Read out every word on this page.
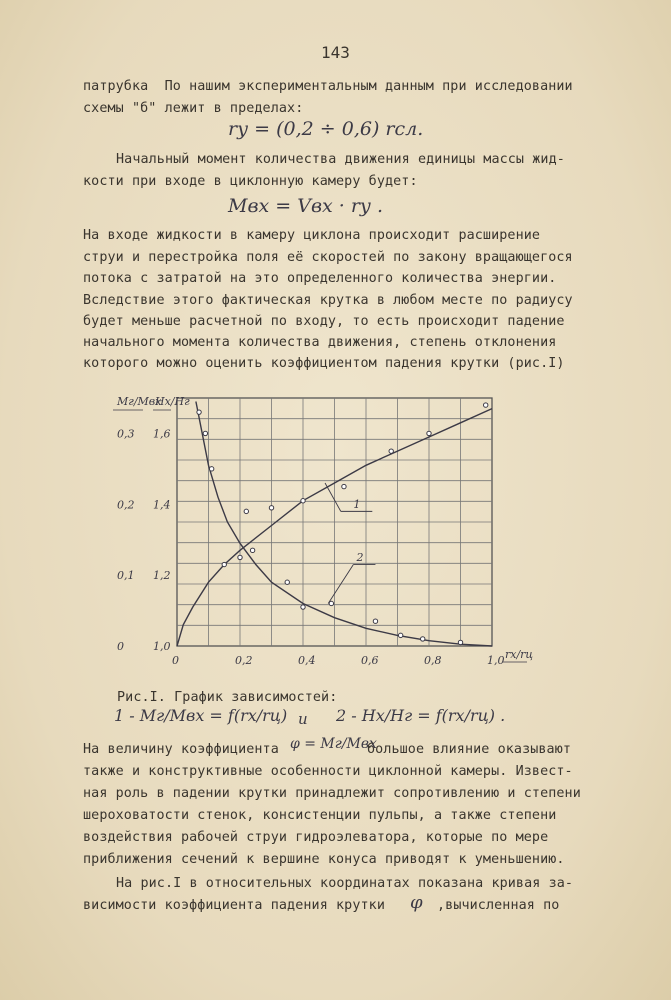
143
патрубка  По нашим экспериментальным данным при исследовании
схемы "б" лежит в пределах:
rу = (0,2 ÷ 0,6) rсл.
Начальный момент количества движения единицы массы жид-
кости при входе в циклонную камеру будет:
Mвх = Vвх · rу .
На входе жидкости в камеру циклона происходит расширение
струи и перестройка поля её скоростей по закону вращающегося
потока с затратой на это определенного количества энергии.
Вследствие этого фактическая крутка в любом месте по радиусу
будет меньше расчетной по входу, то есть происходит падение
начального момента количества движения, степень отклонения
которого можно оценить коэффициентом падения крутки (рис.I)
0	0,2	0,4	0,6	0,8	1,0
0
0,1
0,2
0,3
1,0
1,2
1,4
1,6
1
2
Mг/Mвх
Hx/Hг
rx/rц
Рис.I. График зависимостей:
1 - Mг/Mвх = f(rx/rц) и 2 - Hx/Hг = f(rx/rц) .
На величину коэффициента φ = Mг/Mвх
большое влияние оказывают
также и конструктивные особенности циклонной камеры. Извест-
ная роль в падении крутки принадлежит сопротивлению и степени
шероховатости стенок, консистенции пульпы, а также степени
воздействия рабочей струи гидроэлеватора, которые по мере
приближения сечений к вершине конуса приводят к уменьшению.
На рис.I в относительных координатах показана кривая за-
висимости коэффициента падения крутки φ ,вычисленная по
